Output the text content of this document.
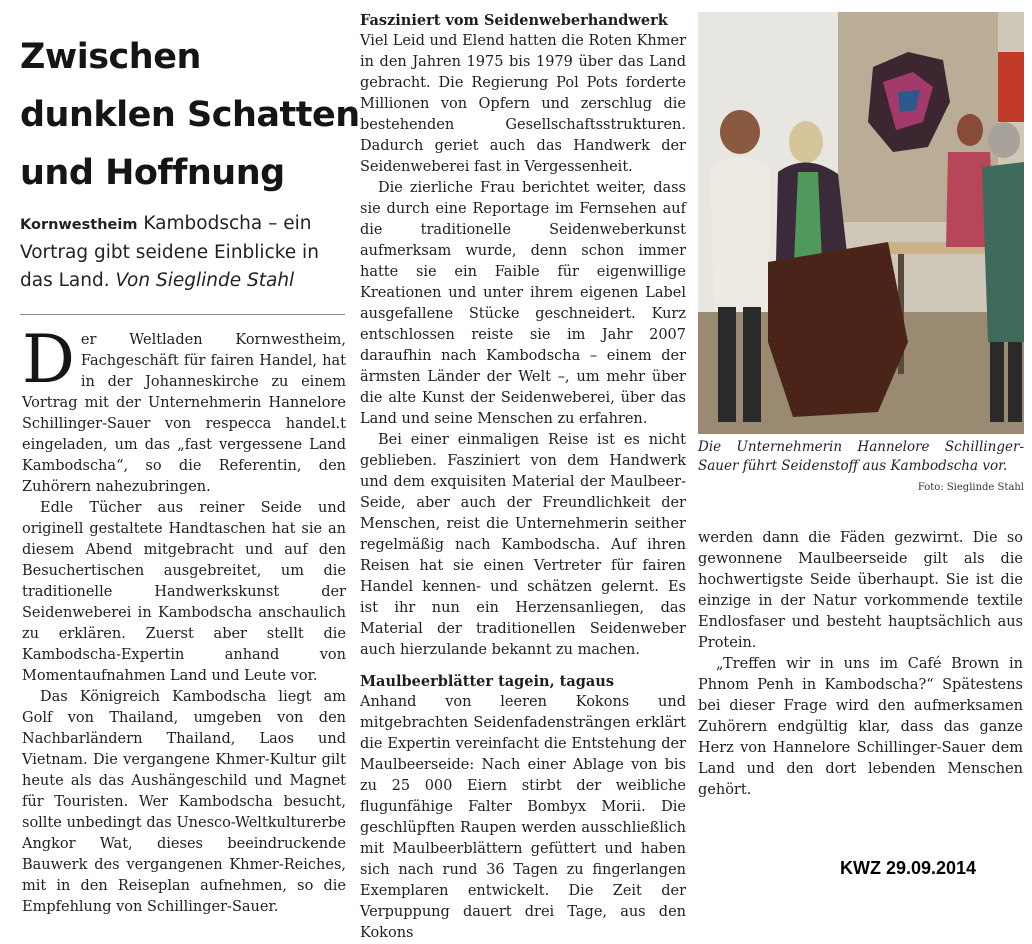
Zwischen
dunklen Schatten
und Hoffnung
Kornwestheim Kambodscha – ein Vortrag gibt seidene Einblicke in das Land. Von Sieglinde Stahl

Der Weltladen Kornwestheim, Fachgeschäft für fairen Handel, hat in der Johanneskirche zu einem Vortrag mit der Unternehmerin Hannelore Schillinger-Sauer von respecca handel.t eingeladen, um das „fast vergessene Land Kambodscha“, so die Referentin, den Zuhörern nahezubringen.

Edle Tücher aus reiner Seide und originell gestaltete Handtaschen hat sie an diesem Abend mitgebracht und auf den Besuchertischen ausgebreitet, um die traditionelle Handwerkskunst der Seidenweberei in Kambodscha anschaulich zu erklären. Zuerst aber stellt die Kambodscha-Expertin anhand von Momentaufnahmen Land und Leute vor.

Das Königreich Kambodscha liegt am Golf von Thailand, umgeben von den Nachbarländern Thailand, Laos und Vietnam. Die vergangene Khmer-Kultur gilt heute als das Aushängeschild und Magnet für Touristen. Wer Kambodscha besucht, sollte unbedingt das Unesco-Weltkulturerbe Angkor Wat, dieses beeindruckende Bauwerk des vergangenen Khmer-Reiches, mit in den Reiseplan aufnehmen, so die Empfehlung von Schillinger-Sauer.

Fasziniert vom Seidenweberhandwerk

Viel Leid und Elend hatten die Roten Khmer in den Jahren 1975 bis 1979 über das Land gebracht. Die Regierung Pol Pots forderte Millionen von Opfern und zerschlug die bestehenden Gesellschaftsstrukturen. Dadurch geriet auch das Handwerk der Seidenweberei fast in Vergessenheit.

Die zierliche Frau berichtet weiter, dass sie durch eine Reportage im Fernsehen auf die traditionelle Seidenweberkunst aufmerksam wurde, denn schon immer hatte sie ein Faible für eigenwillige Kreationen und unter ihrem eigenen Label ausgefallene Stücke geschneidert. Kurz entschlossen reiste sie im Jahr 2007 daraufhin nach Kambodscha – einem der ärmsten Länder der Welt –, um mehr über die alte Kunst der Seidenweberei, über das Land und seine Menschen zu erfahren.

Bei einer einmaligen Reise ist es nicht geblieben. Fasziniert von dem Handwerk und dem exquisiten Material der Maulbeer-Seide, aber auch der Freundlichkeit der Menschen, reist die Unternehmerin seither regelmäßig nach Kambodscha. Auf ihren Reisen hat sie einen Vertreter für fairen Handel kennen- und schätzen gelernt. Es ist ihr nun ein Herzensanliegen, das Material der traditionellen Seidenweber auch hierzulande bekannt zu machen.

Maulbeerblätter tagein, tagaus

Anhand von leeren Kokons und mitgebrachten Seidenfadensträngen erklärt die Expertin vereinfacht die Entstehung der Maulbeerseide: Nach einer Ablage von bis zu 25 000 Eiern stirbt der weibliche flugunfähige Falter Bombyx Morii. Die geschlüpften Raupen werden ausschließlich mit Maulbeerblättern gefüttert und haben sich nach rund 36 Tagen zu fingerlangen Exemplaren entwickelt. Die Zeit der Verpuppung dauert drei Tage, aus den Kokons

Die Unternehmerin Hannelore Schillinger-Sauer führt Seidenstoff aus Kambodscha vor.
Foto: Sieglinde Stahl

werden dann die Fäden gezwirnt. Die so gewonnene Maulbeerseide gilt als die hochwertigste Seide überhaupt. Sie ist die einzige in der Natur vorkommende textile Endlosfaser und besteht hauptsächlich aus Protein.

„Treffen wir in uns im Café Brown in Phnom Penh in Kambodscha?“ Spätestens bei dieser Frage wird den aufmerksamen Zuhörern endgültig klar, dass das ganze Herz von Hannelore Schillinger-Sauer dem Land und den dort lebenden Menschen gehört.

KWZ 29.09.2014
